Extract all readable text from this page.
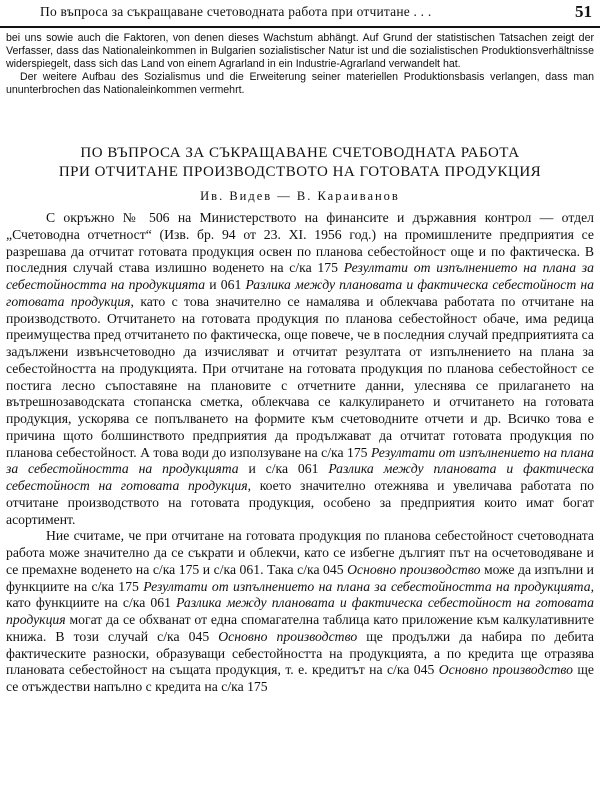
По въпроса за съкращаване счетоводната работа при отчитане . . .	51

bei uns sowie auch die Faktoren, von denen dieses Wachstum abhängt. Auf Grund der statistischen Tatsachen zeigt der Verfasser, dass das Nationaleinkommen in Bulgarien sozialistischer Natur ist und die sozialistischen Produktionsverhältnisse widerspiegelt, dass sich das Land von einem Agrarland in ein Industrie-Agrarland verwandelt hat.

Der weitere Aufbau des Sozialismus und die Erweiterung seiner materiellen Produktionsbasis verlangen, dass man ununterbrochen das Nationaleinkommen vermehrt.

ПО ВЪПРОСА ЗА СЪКРАЩАВАНЕ СЧЕТОВОДНАТА РАБОТА
ПРИ ОТЧИТАНЕ ПРОИЗВОДСТВОТО НА ГОТОВАТА ПРОДУКЦИЯ
Ив. Видев — В. Караиванов

С окръжно № 506 на Министерството на финансите и държавния контрол — отдел „Счетоводна отчетност“ (Изв. бр. 94 от 23. XI. 1956 год.) на промишлените предприятия се разрешава да отчитат готовата продукция освен по планова себестойност още и по фактическа. В последния случай става излишно воденето на с/ка 175 Резултати от изпълнението на плана за себестойността на продукцията и 061 Разлика между плановата и фактическа себестойност на готовата продукция, като с това значително се намалява и облекчава работата по отчитане на производството. Отчитането на готовата продукция по планова себестойност обаче, има редица преимущества пред отчитането по фактическа, още повече, че в последния случай предприятията са задължени извънсчетоводно да изчисляват и отчитат резултата от изпълнението на плана за себестойността на продукцията. При отчитане на готовата продукция по планова себестойност се постига лесно съпоставяне на плановите с отчетните данни, улеснява се прилагането на вътрешнозаводската стопанска сметка, облекчава се калкулирането и отчитането на готовата продукция, ускорява се попълването на формите към счетоводните отчети и др. Всичко това е причина щото болшинството предприятия да продължават да отчитат готовата продукция по планова себестойност. А това води до използуване на с/ка 175 Резултати от изпълнението на плана за себестойността на продукцията и с/ка 061 Разлика между плановата и фактическа себестойност на готовата продукция, което значително отежнява и увеличава работата по отчитане производството на готовата продукция, особено за предприятия които имат богат асортимент.

Ние считаме, че при отчитане на готовата продукция по планова себестойност счетоводната работа може значително да се съкрати и облекчи, като се избегне дългият път на осчетоводяване и се премахне воденето на с/ка 175 и с/ка 061. Така с/ка 045 Основно производство може да изпълни и функциите на с/ка 175 Резултати от изпълнението на плана за себестойността на продукцията, като функциите на с/ка 061 Разлика между плановата и фактическа себестойност на готовата продукция могат да се обхванат от една спомагателна таблица като приложение към калкулативните книжа. В този случай с/ка 045 Основно производство ще продължи да набира по дебита фактическите разноски, образуващи себестойността на продукцията, а по кредита ще отразява плановата себестойност на същата продукция, т. е. кредитът на с/ка 045 Основно производство ще се отъждестви напълно с кредита на с/ка 175
